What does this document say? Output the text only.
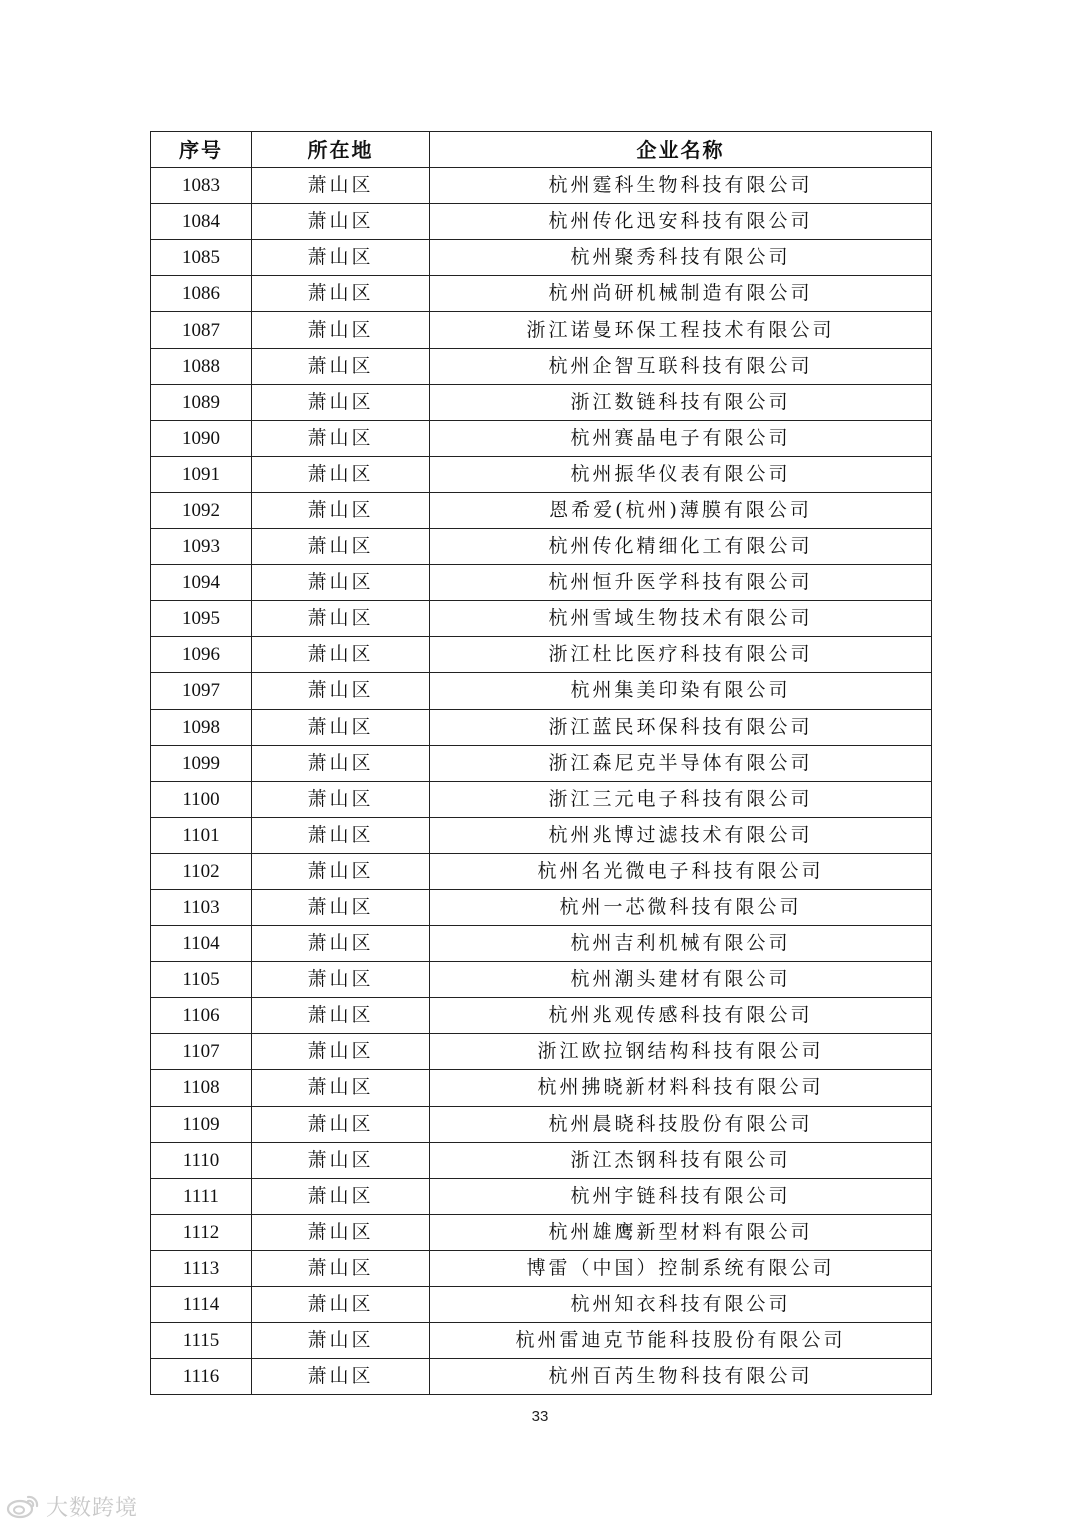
序号	所在地	企业名称
1083	萧山区	杭州霆科生物科技有限公司
1084	萧山区	杭州传化迅安科技有限公司
1085	萧山区	杭州聚秀科技有限公司
1086	萧山区	杭州尚研机械制造有限公司
1087	萧山区	浙江诺曼环保工程技术有限公司
1088	萧山区	杭州企智互联科技有限公司
1089	萧山区	浙江数链科技有限公司
1090	萧山区	杭州赛晶电子有限公司
1091	萧山区	杭州振华仪表有限公司
1092	萧山区	恩希爱(杭州)薄膜有限公司
1093	萧山区	杭州传化精细化工有限公司
1094	萧山区	杭州恒升医学科技有限公司
1095	萧山区	杭州雪域生物技术有限公司
1096	萧山区	浙江杜比医疗科技有限公司
1097	萧山区	杭州集美印染有限公司
1098	萧山区	浙江蓝民环保科技有限公司
1099	萧山区	浙江森尼克半导体有限公司
1100	萧山区	浙江三元电子科技有限公司
1101	萧山区	杭州兆博过滤技术有限公司
1102	萧山区	杭州名光微电子科技有限公司
1103	萧山区	杭州一芯微科技有限公司
1104	萧山区	杭州吉利机械有限公司
1105	萧山区	杭州潮头建材有限公司
1106	萧山区	杭州兆观传感科技有限公司
1107	萧山区	浙江欧拉钢结构科技有限公司
1108	萧山区	杭州拂晓新材料科技有限公司
1109	萧山区	杭州晨晓科技股份有限公司
1110	萧山区	浙江杰钢科技有限公司
1111	萧山区	杭州宇链科技有限公司
1112	萧山区	杭州雄鹰新型材料有限公司
1113	萧山区	博雷（中国）控制系统有限公司
1114	萧山区	杭州知衣科技有限公司
1115	萧山区	杭州雷迪克节能科技股份有限公司
1116	萧山区	杭州百芮生物科技有限公司
33
大数跨境
